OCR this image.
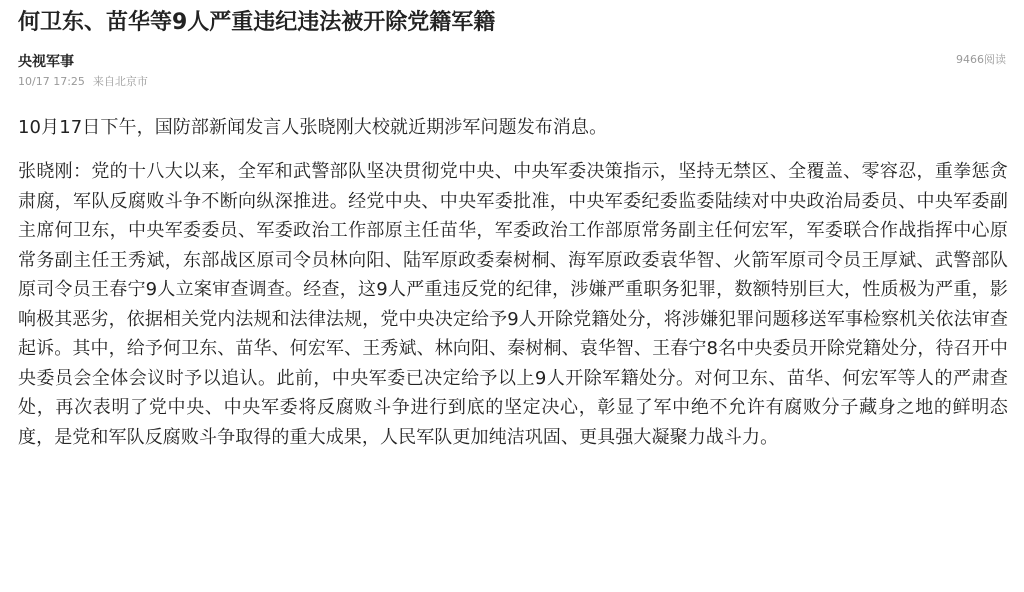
何卫东、苗华等9人严重违纪违法被开除党籍军籍
央视军事
10/17 17:25 来自北京市
9466阅读

10月17日下午，国防部新闻发言人张晓刚大校就近期涉军问题发布消息。

张晓刚：党的十八大以来，全军和武警部队坚决贯彻党中央、中央军委决策指示，坚持无禁区、全覆盖、零容忍，重拳惩贪肃腐，军队反腐败斗争不断向纵深推进。经党中央、中央军委批准，中央军委纪委监委陆续对中央政治局委员、中央军委副主席何卫东，中央军委委员、军委政治工作部原主任苗华，军委政治工作部原常务副主任何宏军，军委联合作战指挥中心原常务副主任王秀斌，东部战区原司令员林向阳、陆军原政委秦树桐、海军原政委袁华智、火箭军原司令员王厚斌、武警部队原司令员王春宁9人立案审查调查。经查，这9人严重违反党的纪律，涉嫌严重职务犯罪，数额特别巨大，性质极为严重，影响极其恶劣，依据相关党内法规和法律法规，党中央决定给予9人开除党籍处分，将涉嫌犯罪问题移送军事检察机关依法审查起诉。其中，给予何卫东、苗华、何宏军、王秀斌、林向阳、秦树桐、袁华智、王春宁8名中央委员开除党籍处分，待召开中央委员会全体会议时予以追认。此前，中央军委已决定给予以上9人开除军籍处分。对何卫东、苗华、何宏军等人的严肃查处，再次表明了党中央、中央军委将反腐败斗争进行到底的坚定决心，彰显了军中绝不允许有腐败分子藏身之地的鲜明态度，是党和军队反腐败斗争取得的重大成果，人民军队更加纯洁巩固、更具强大凝聚力战斗力。
